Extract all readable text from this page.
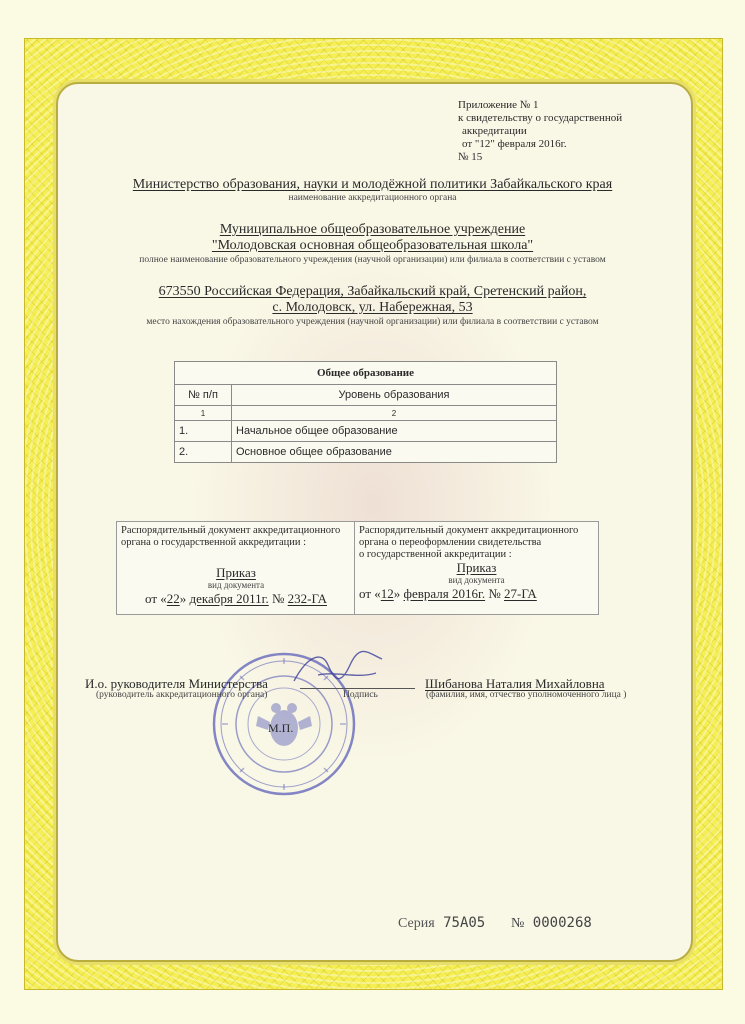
Приложение № 1
к свидетельству о государственной
аккредитации
от "12" февраля 2016г.
№ 15
Министерство образования, науки и молодёжной политики Забайкальского края
наименование аккредитационного органа
Муниципальное общеобразовательное учреждение
"Молодовская основная общеобразовательная школа"
полное наименование образовательного учреждения (научной организации) или филиала в соответствии с уставом
673550 Российская Федерация, Забайкальский край, Сретенский район,
с. Молодовск, ул. Набережная, 53
место нахождения образовательного учреждения (научной организации) или филиала в соответствии с уставом
Общее образование	
№ п/п	Уровень образования
1	2
1.	Начальное общее образование
2.	Основное общее образование
Распорядительный документ аккредитационного
органа о государственной аккредитации :
Приказ
вид документа
от «22» декабря 2011г. № 232-ГА
Распорядительный документ аккредитационного
органа о переоформлении свидетельства
о государственной аккредитации :
Приказ
вид документа
от «12» февраля 2016г. № 27-ГА
И.о. руководителя Министерства
(руководитель аккредитационного органа)	Подпись
Шибанова Наталия Михайловна
(фамилия, имя, отчество уполномоченного лица )
М.П.
Серия 75А05 № 0000268
